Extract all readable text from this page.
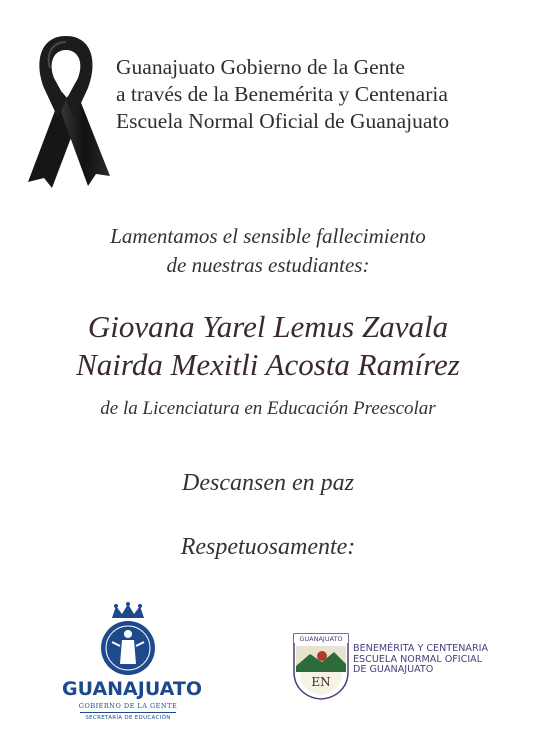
Guanajuato Gobierno de la Gente
a través de la Benemérita y Centenaria
Escuela Normal Oficial de Guanajuato
Lamentamos el sensible fallecimiento
de nuestras estudiantes:
Giovana Yarel Lemus Zavala
Nairda Mexitli Acosta Ramírez
de la Licenciatura en Educación Preescolar
Descansen en paz
Respetuosamente:
GUANAJUATO
GOBIERNO DE LA GENTE
SECRETARÍA DE EDUCACIÓN
GUANAJUATO
EN
BENEMÉRITA Y CENTENARIA
ESCUELA NORMAL OFICIAL
DE GUANAJUATO
